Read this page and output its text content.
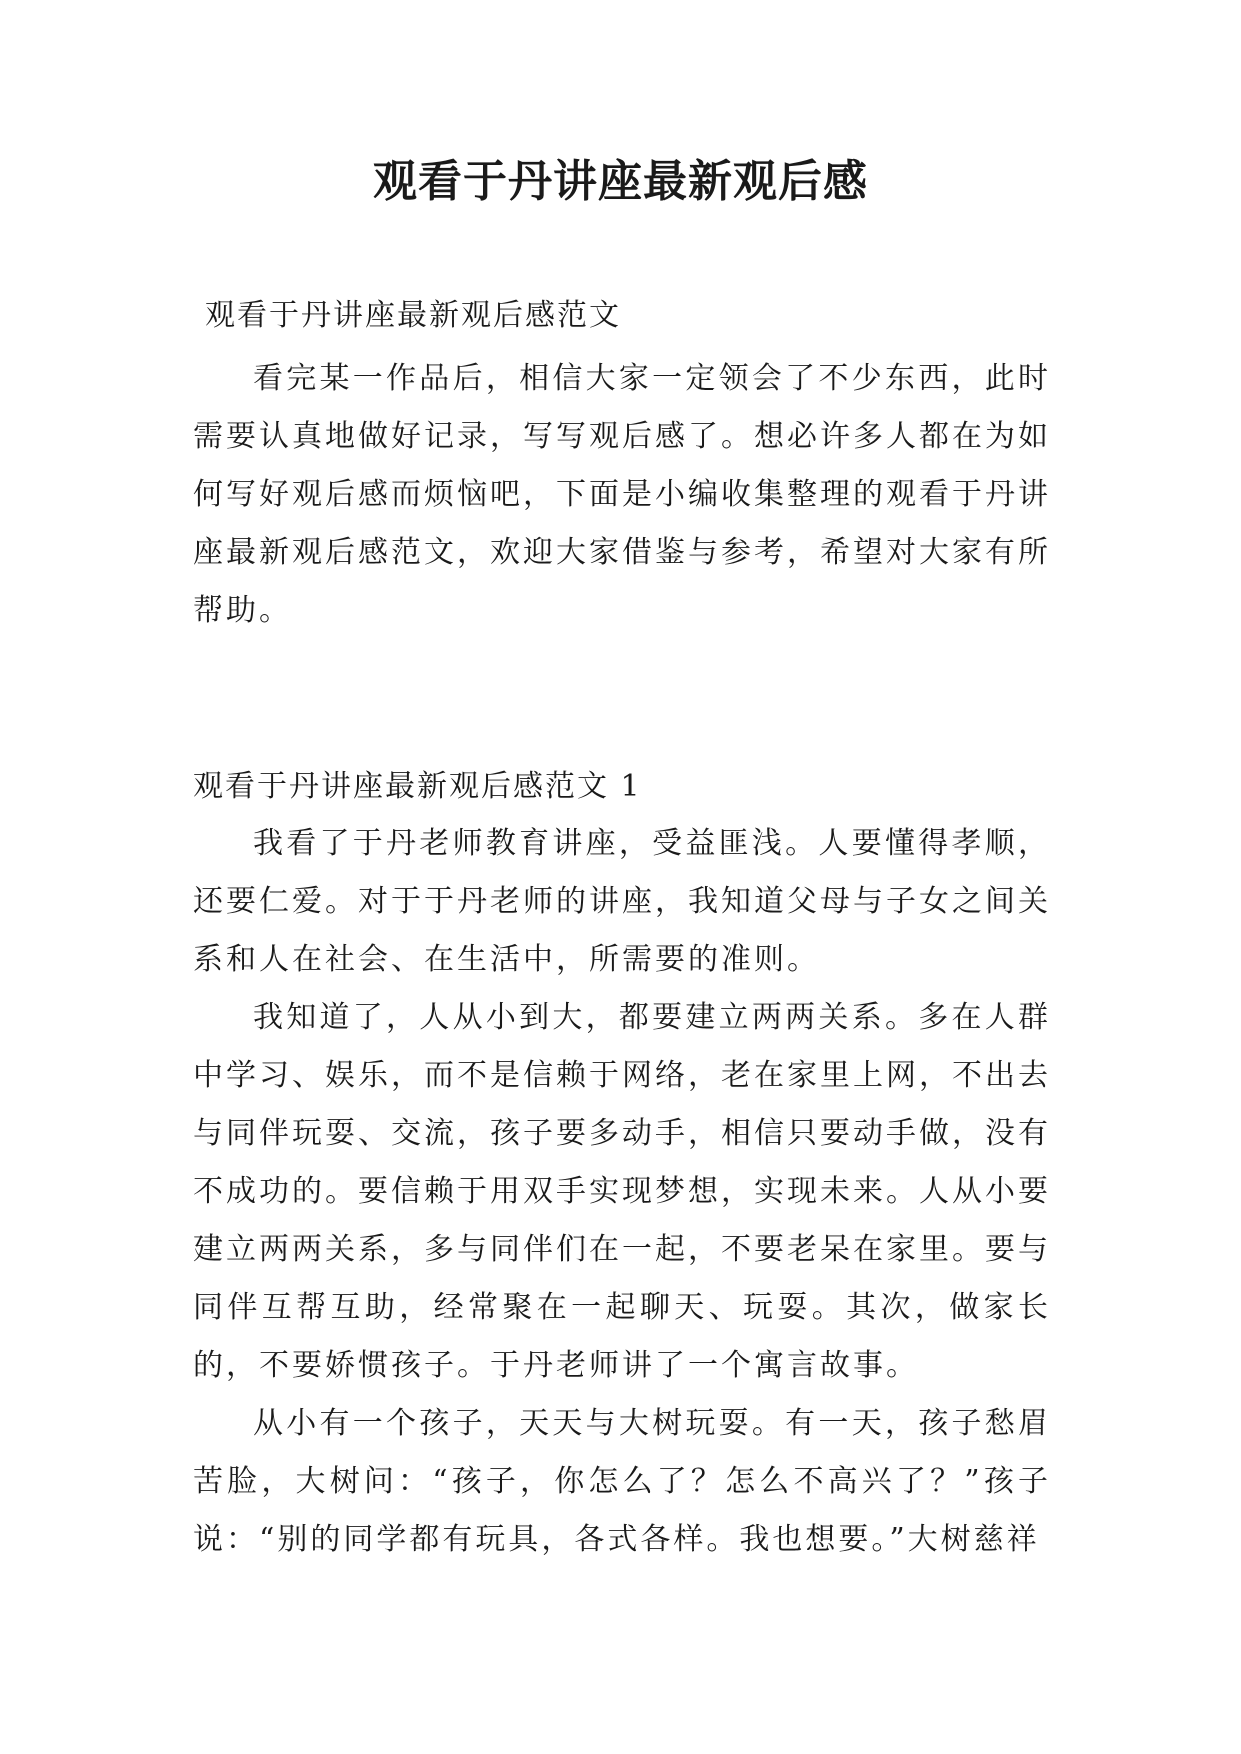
观看于丹讲座最新观后感
观看于丹讲座最新观后感范文

看完某一作品后，相信大家一定领会了不少东西，此时需要认真地做好记录，写写观后感了。想必许多人都在为如何写好观后感而烦恼吧，下面是小编收集整理的观看于丹讲座最新观后感范文，欢迎大家借鉴与参考，希望对大家有所帮助。

观看于丹讲座最新观后感范文 1

我看了于丹老师教育讲座，受益匪浅。人要懂得孝顺，还要仁爱。对于于丹老师的讲座，我知道父母与子女之间关系和人在社会、在生活中，所需要的准则。

我知道了，人从小到大，都要建立两两关系。多在人群中学习、娱乐，而不是信赖于网络，老在家里上网，不出去与同伴玩耍、交流，孩子要多动手，相信只要动手做，没有不成功的。要信赖于用双手实现梦想，实现未来。人从小要建立两两关系，多与同伴们在一起，不要老呆在家里。要与同伴互帮互助，经常聚在一起聊天、玩耍。其次，做家长的，不要娇惯孩子。于丹老师讲了一个寓言故事。

从小有一个孩子，天天与大树玩耍。有一天，孩子愁眉苦脸，大树问：“孩子，你怎么了？怎么不高兴了？”孩子说：“别的同学都有玩具，各式各样。我也想要。”大树慈祥
